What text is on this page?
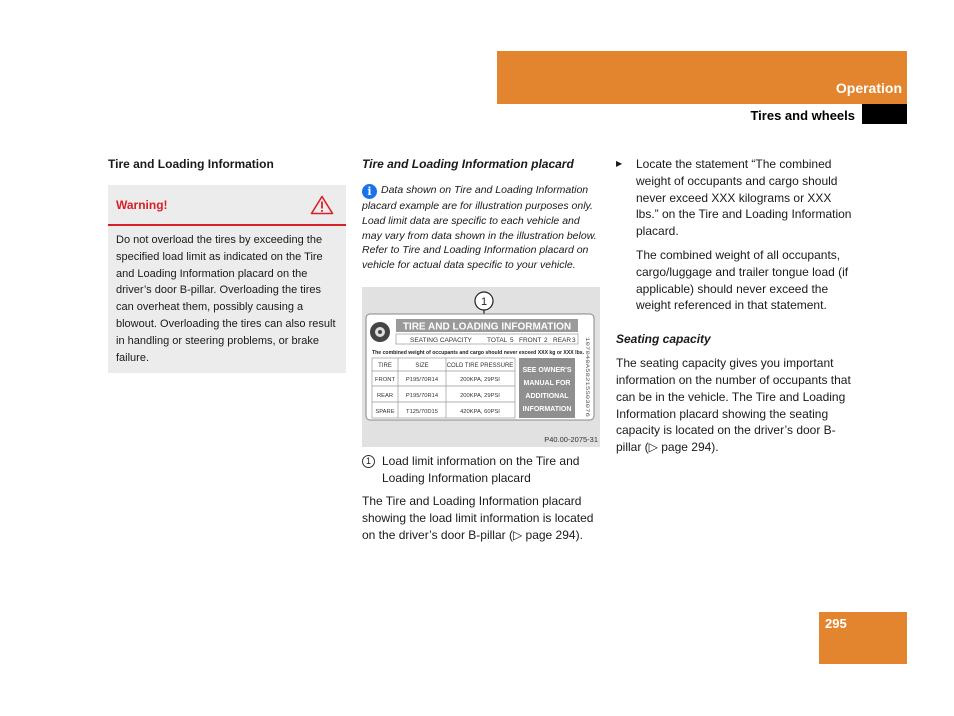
Operation
Tires and wheels
Tire and Loading Information
Warning!
Do not overload the tires by exceeding the specified load limit as indicated on the Tire and Loading Information placard on the driver’s door B-pillar. Overloading the tires can overheat them, possibly causing a blowout. Overloading the tires can also result in handling or steering problems, or brake failure.
Tire and Loading Information placard
i Data shown on Tire and Loading Information placard example are for illustration purposes only. Load limit data are specific to each vehicle and may vary from data shown in the illustration below. Refer to Tire and Loading Information placard on vehicle for actual data specific to your vehicle.
1
TIRE AND LOADING INFORMATION
SEATING CAPACITY TOTAL 5 FRONT 2 REAR 3
The combined weight of occupants and cargo should never exceed XXX kg or XXX lbs.
TIRE	SIZE	COLD TIRE PRESSURE
FRONT P195/70R14	200KPA, 29PSI
REAR P195/70R14	200KPA, 29PSI
SPARE T125/70D15	420KPA, 60PSI
SEE OWNER'S
MANUAL FOR
ADDITIONAL
INFORMATION
107040A58215S03076
P40.00-2075-31
1 Load limit information on the Tire and Loading Information placard
The Tire and Loading Information placard showing the load limit information is located on the driver’s door B-pillar (▷ page 294).
▶	Locate the statement “The combined weight of occupants and cargo should never exceed XXX kilograms or XXX lbs.” on the Tire and Loading Information placard.
The combined weight of all occupants, cargo/luggage and trailer tongue load (if applicable) should never exceed the weight referenced in that statement.
Seating capacity
The seating capacity gives you important information on the number of occupants that can be in the vehicle. The Tire and Loading Information placard showing the seating capacity is located on the driver’s door B-pillar (▷ page 294).
295
